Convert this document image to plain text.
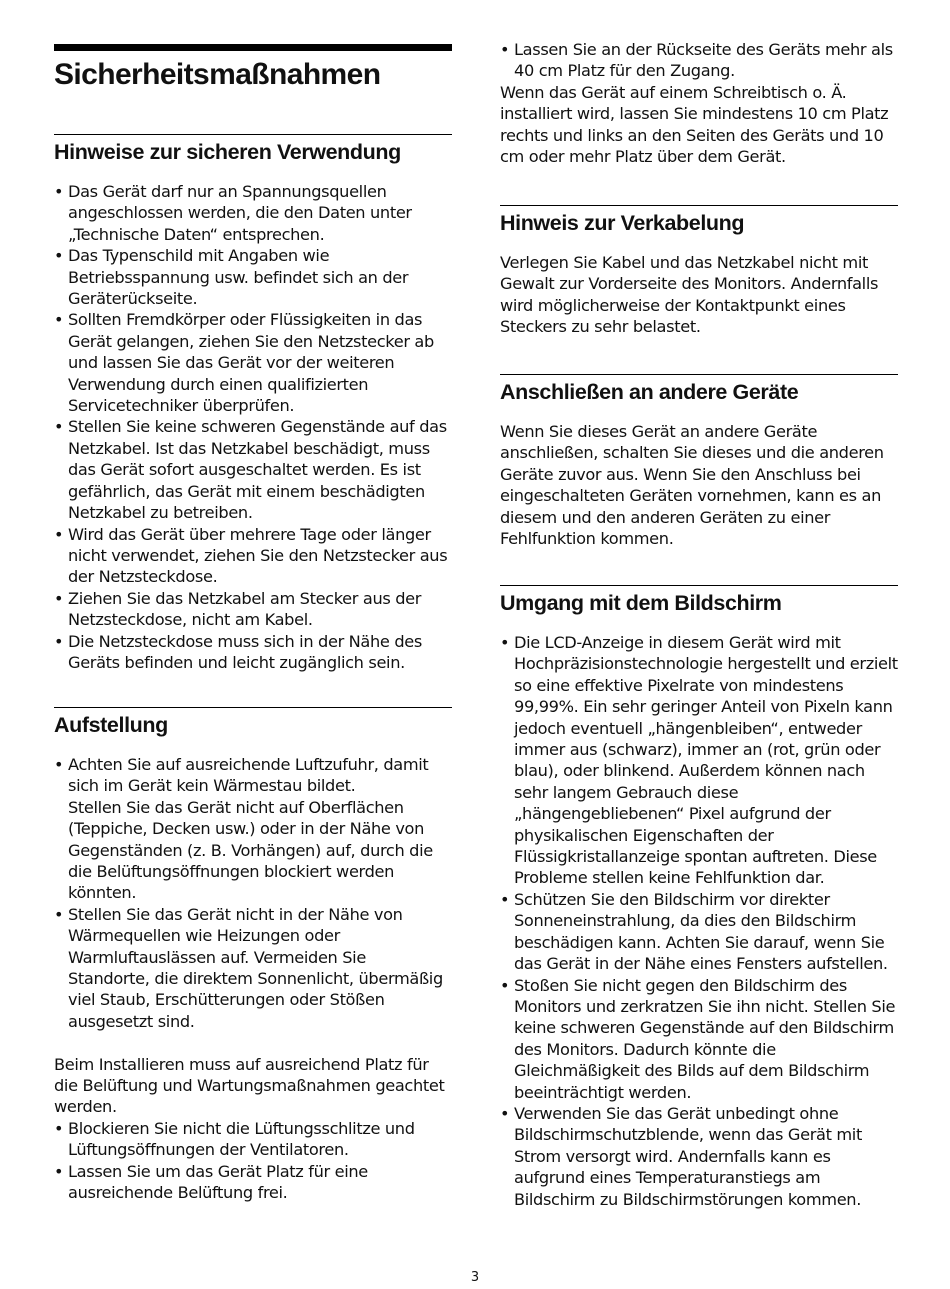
Sicherheitsmaßnahmen
Hinweise zur sicheren Verwendung
• Das Gerät darf nur an Spannungsquellen angeschlossen werden, die den Daten unter „Technische Daten“ entsprechen.
• Das Typenschild mit Angaben wie Betriebsspannung usw. befindet sich an der Geräterückseite.
• Sollten Fremdkörper oder Flüssigkeiten in das Gerät gelangen, ziehen Sie den Netzstecker ab und lassen Sie das Gerät vor der weiteren Verwendung durch einen qualifizierten Servicetechniker überprüfen.
• Stellen Sie keine schweren Gegenstände auf das Netzkabel. Ist das Netzkabel beschädigt, muss das Gerät sofort ausgeschaltet werden. Es ist gefährlich, das Gerät mit einem beschädigten Netzkabel zu betreiben.
• Wird das Gerät über mehrere Tage oder länger nicht verwendet, ziehen Sie den Netzstecker aus der Netzsteckdose.
• Ziehen Sie das Netzkabel am Stecker aus der Netzsteckdose, nicht am Kabel.
• Die Netzsteckdose muss sich in der Nähe des Geräts befinden und leicht zugänglich sein.
Aufstellung
• Achten Sie auf ausreichende Luftzufuhr, damit sich im Gerät kein Wärmestau bildet.
Stellen Sie das Gerät nicht auf Oberflächen (Teppiche, Decken usw.) oder in der Nähe von Gegenständen (z. B. Vorhängen) auf, durch die die Belüftungsöffnungen blockiert werden könnten.
• Stellen Sie das Gerät nicht in der Nähe von Wärmequellen wie Heizungen oder Warmluftauslässen auf. Vermeiden Sie Standorte, die direktem Sonnenlicht, übermäßig viel Staub, Erschütterungen oder Stößen ausgesetzt sind.

Beim Installieren muss auf ausreichend Platz für die Belüftung und Wartungsmaßnahmen geachtet werden.

• Blockieren Sie nicht die Lüftungsschlitze und Lüftungsöffnungen der Ventilatoren.
• Lassen Sie um das Gerät Platz für eine ausreichende Belüftung frei.
• Lassen Sie an der Rückseite des Geräts mehr als 40 cm Platz für den Zugang.

Wenn das Gerät auf einem Schreibtisch o. Ä. installiert wird, lassen Sie mindestens 10 cm Platz rechts und links an den Seiten des Geräts und 10 cm oder mehr Platz über dem Gerät.

Hinweis zur Verkabelung

Verlegen Sie Kabel und das Netzkabel nicht mit Gewalt zur Vorderseite des Monitors. Andernfalls wird möglicherweise der Kontaktpunkt eines Steckers zu sehr belastet.

Anschließen an andere Geräte

Wenn Sie dieses Gerät an andere Geräte anschließen, schalten Sie dieses und die anderen Geräte zuvor aus. Wenn Sie den Anschluss bei eingeschalteten Geräten vornehmen, kann es an diesem und den anderen Geräten zu einer Fehlfunktion kommen.

Umgang mit dem Bildschirm
• Die LCD-Anzeige in diesem Gerät wird mit Hochpräzisionstechnologie hergestellt und erzielt so eine effektive Pixelrate von mindestens 99,99%. Ein sehr geringer Anteil von Pixeln kann jedoch eventuell „hängenbleiben“, entweder immer aus (schwarz), immer an (rot, grün oder blau), oder blinkend. Außerdem können nach sehr langem Gebrauch diese „hängengebliebenen“ Pixel aufgrund der physikalischen Eigenschaften der Flüssigkristallanzeige spontan auftreten. Diese Probleme stellen keine Fehlfunktion dar.
• Schützen Sie den Bildschirm vor direkter Sonneneinstrahlung, da dies den Bildschirm beschädigen kann. Achten Sie darauf, wenn Sie das Gerät in der Nähe eines Fensters aufstellen.
• Stoßen Sie nicht gegen den Bildschirm des Monitors und zerkratzen Sie ihn nicht. Stellen Sie keine schweren Gegenstände auf den Bildschirm des Monitors. Dadurch könnte die Gleichmäßigkeit des Bilds auf dem Bildschirm beeinträchtigt werden.
• Verwenden Sie das Gerät unbedingt ohne Bildschirmschutzblende, wenn das Gerät mit Strom versorgt wird. Andernfalls kann es aufgrund eines Temperaturanstiegs am Bildschirm zu Bildschirmstörungen kommen.
3
